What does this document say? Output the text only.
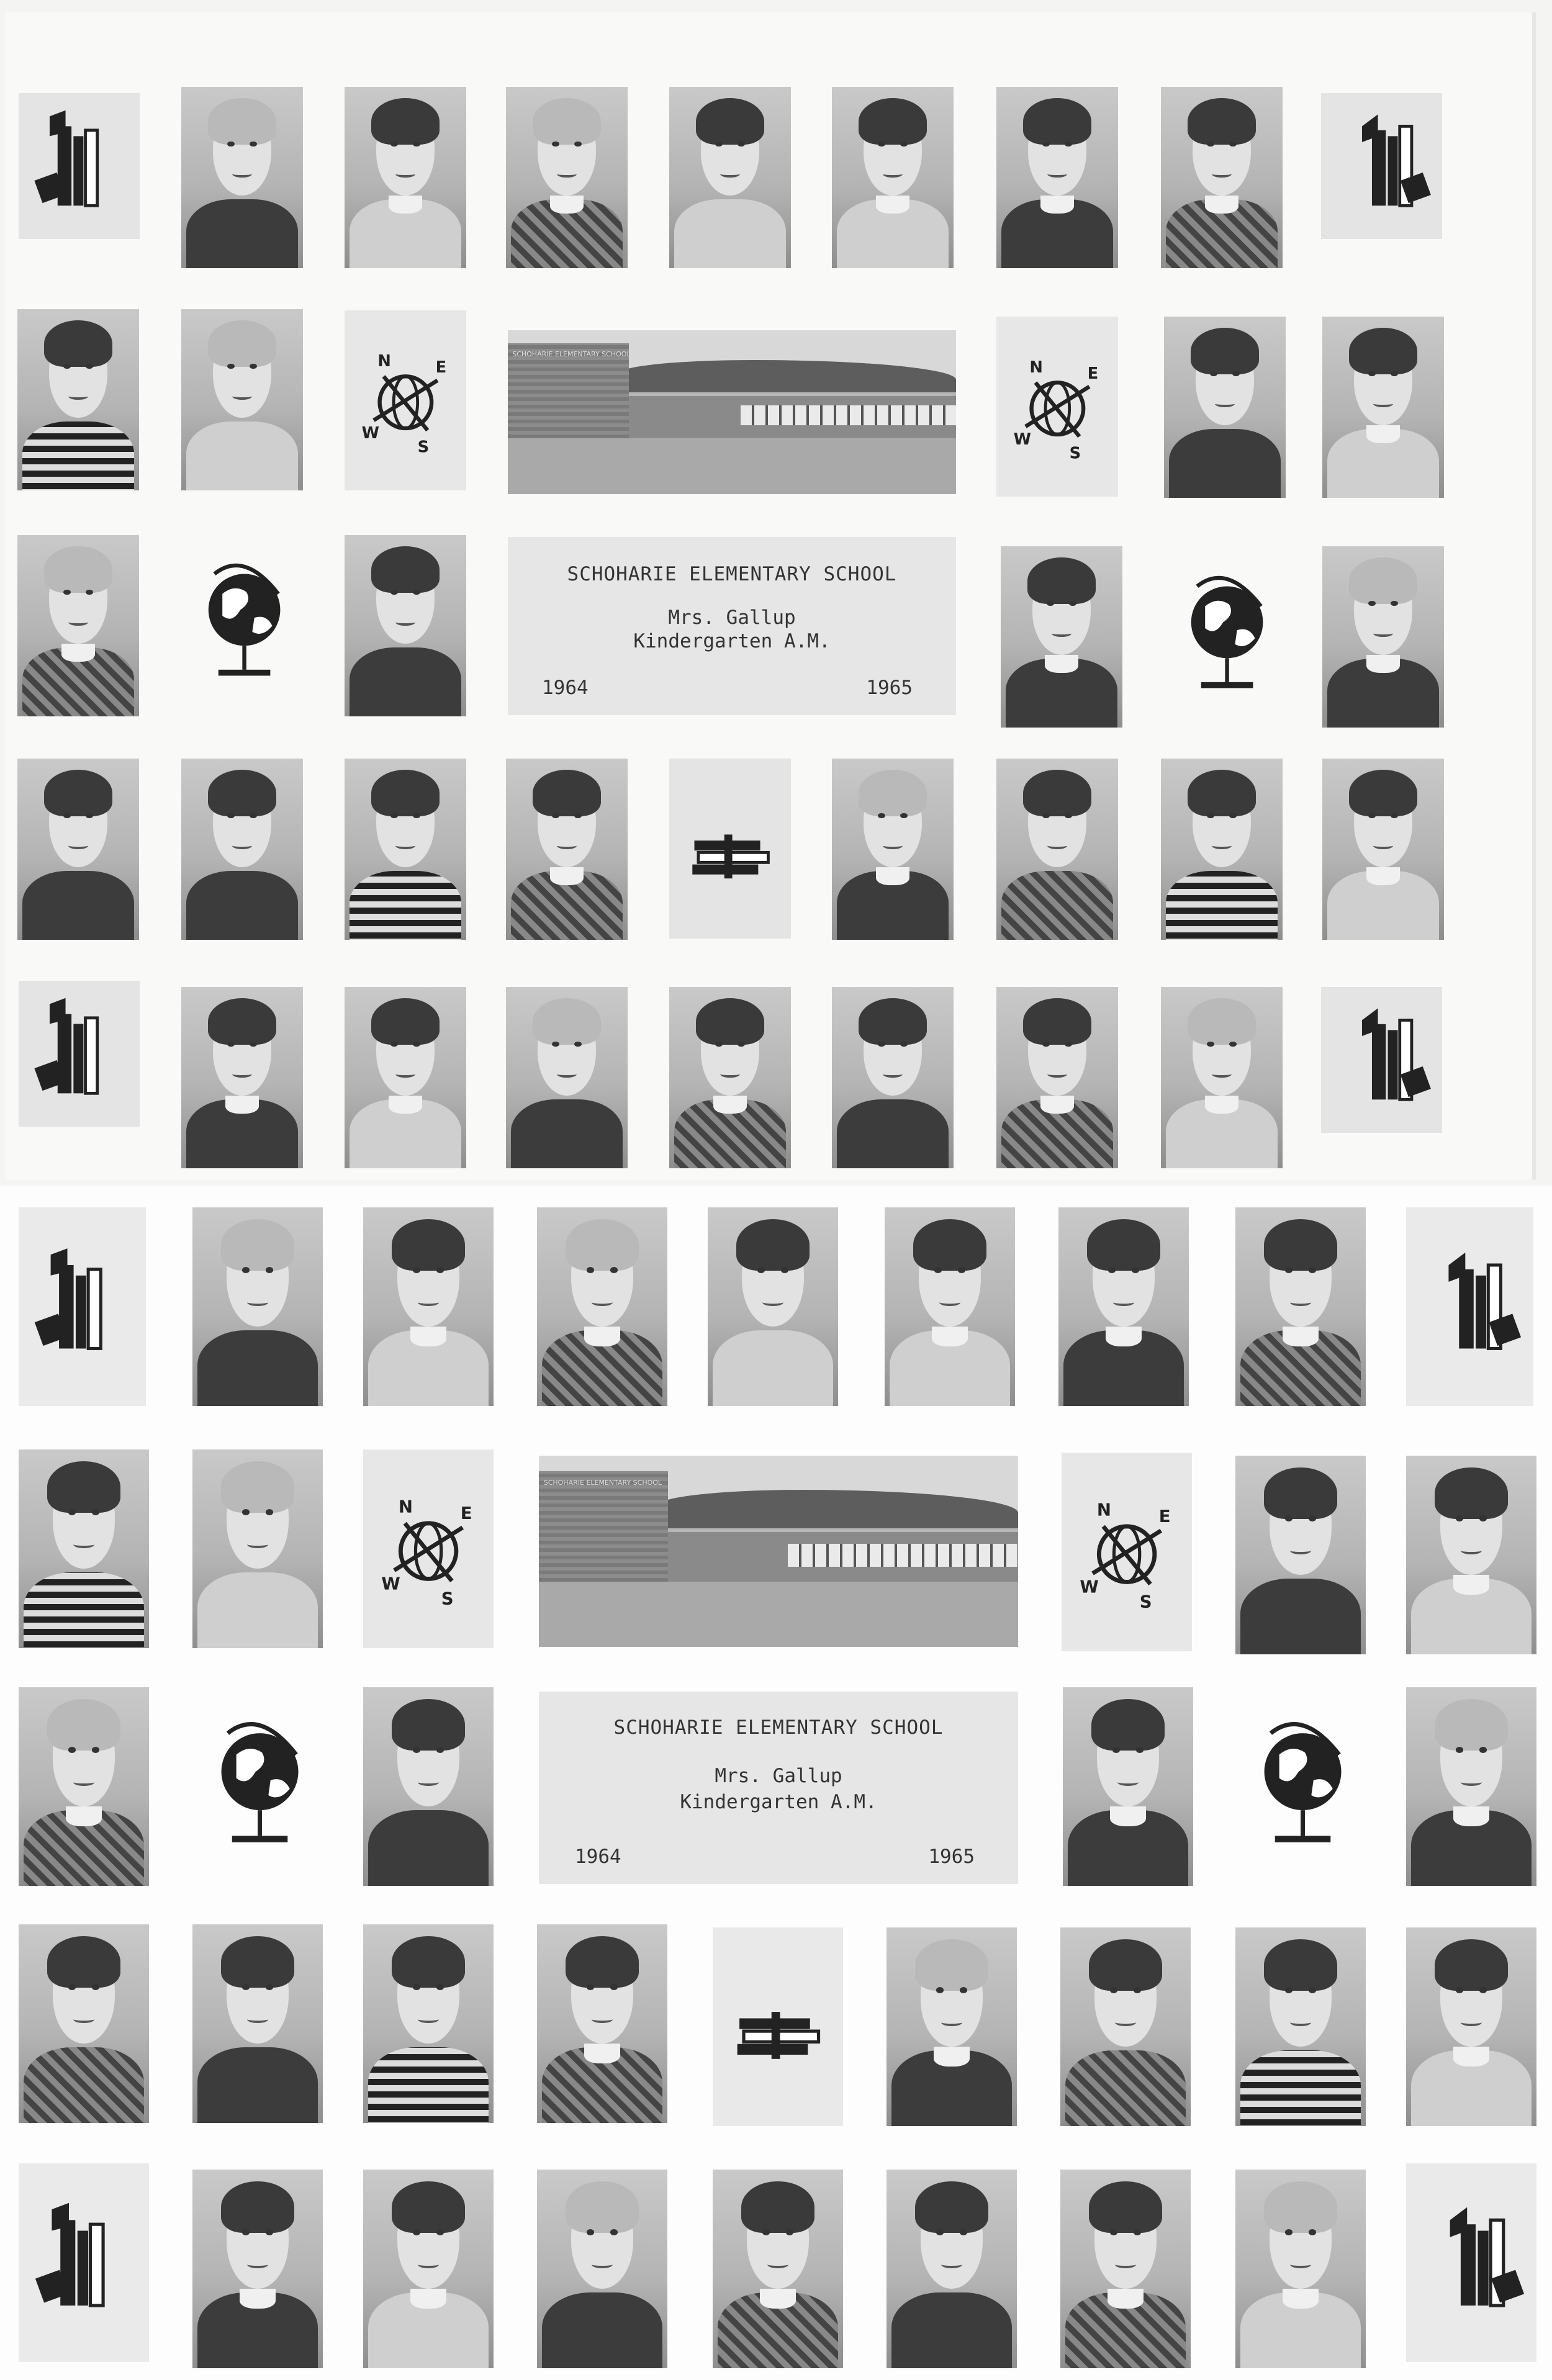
N	E
W
S
SCHOHARIE ELEMENTARY SCHOOL
N	E
W
S
SCHOHARIE ELEMENTARY SCHOOL
Mrs. Gallup
Kindergarten A.M.
1964	1965
N	E
W
S
SCHOHARIE ELEMENTARY SCHOOL
N	E
W
S
SCHOHARIE ELEMENTARY SCHOOL
Mrs. Gallup
Kindergarten A.M.
1964	1965
